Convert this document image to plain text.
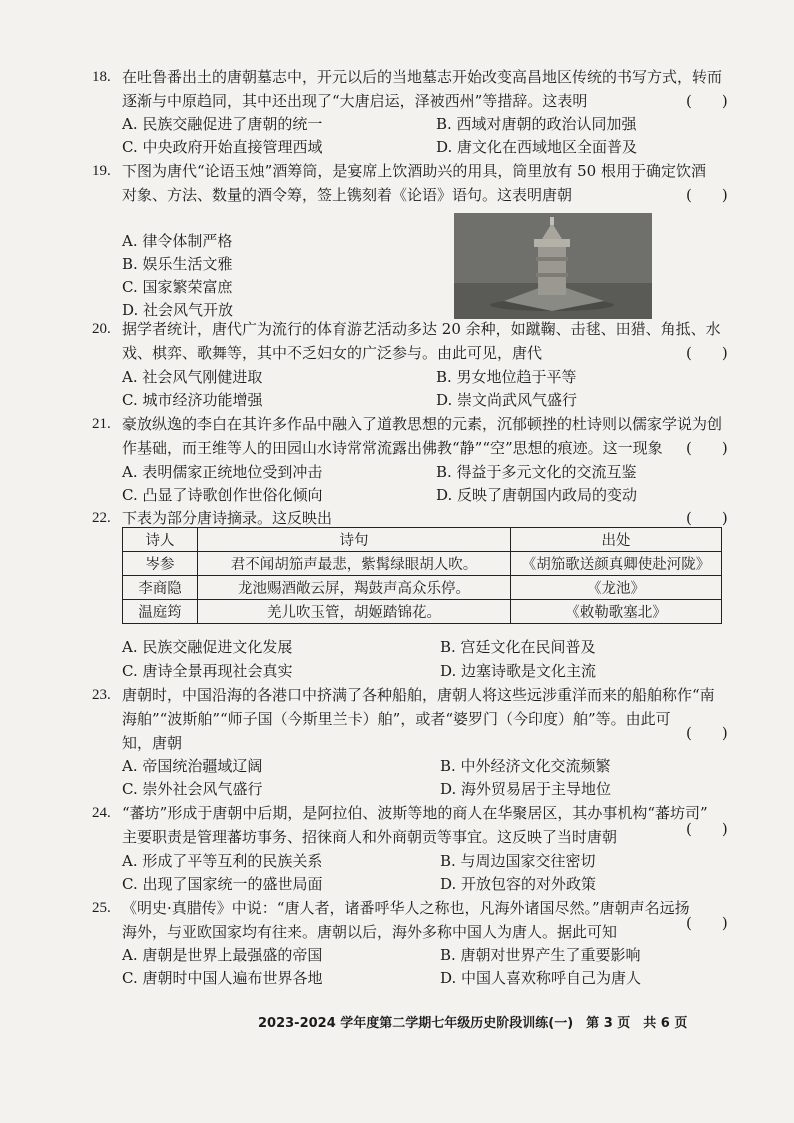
18. 在吐鲁番出土的唐朝墓志中，开元以后的当地墓志开始改变高昌地区传统的书写方式，转而
逐渐与中原趋同，其中还出现了“大唐启运，泽被西州”等措辞。这表明	(　　)
A. 民族交融促进了唐朝的统一	B. 西域对唐朝的政治认同加强
C. 中央政府开始直接管理西域	D. 唐文化在西域地区全面普及
19. 下图为唐代“论语玉烛”酒筹筒，是宴席上饮酒助兴的用具，筒里放有 50 根用于确定饮酒
对象、方法、数量的酒令筹，签上镌刻着《论语》语句。这表明唐朝	(　　)
A. 律令体制严格
B. 娱乐生活文雅
C. 国家繁荣富庶
D. 社会风气开放
20. 据学者统计，唐代广为流行的体育游艺活动多达 20 余种，如蹴鞠、击毬、田猎、角抵、水
戏、棋弈、歌舞等，其中不乏妇女的广泛参与。由此可见，唐代	(　　)
A. 社会风气刚健进取	B. 男女地位趋于平等
C. 城市经济功能增强	D. 崇文尚武风气盛行
21. 豪放纵逸的李白在其许多作品中融入了道教思想的元素，沉郁顿挫的杜诗则以儒家学说为创
作基础，而王维等人的田园山水诗常常流露出佛教“静”“空”思想的痕迹。这一现象 (　　)
A. 表明儒家正统地位受到冲击	B. 得益于多元文化的交流互鉴
C. 凸显了诗歌创作世俗化倾向	D. 反映了唐朝国内政局的变动
22. 下表为部分唐诗摘录。这反映出	(　　)
诗人	诗句	出处
岑参	君不闻胡笳声最悲，紫髯绿眼胡人吹。	《胡笳歌送颜真卿使赴河陇》
李商隐	龙池赐酒敞云屏，羯鼓声高众乐停。	《龙池》
温庭筠	羌儿吹玉管，胡姬踏锦花。	《敕勒歌塞北》
A. 民族交融促进文化发展	B. 宫廷文化在民间普及
C. 唐诗全景再现社会真实	D. 边塞诗歌是文化主流
23. 唐朝时，中国沿海的各港口中挤满了各种船舶，唐朝人将这些远涉重洋而来的船舶称作“南
海舶”“波斯舶”“师子国（今斯里兰卡）舶”，或者“婆罗门（今印度）舶”等。由此可
知，唐朝
(　　)
A. 帝国统治疆域辽阔	B. 中外经济文化交流频繁
C. 崇外社会风气盛行	D. 海外贸易居于主导地位
24. “蕃坊”形成于唐朝中后期，是阿拉伯、波斯等地的商人在华聚居区，其办事机构“蕃坊司”
主要职责是管理蕃坊事务、招徕商人和外商朝贡等事宜。这反映了当时唐朝	(　　)
A. 形成了平等互利的民族关系	B. 与周边国家交往密切
C. 出现了国家统一的盛世局面	D. 开放包容的对外政策
25. 《明史·真腊传》中说：“唐人者，诸番呼华人之称也，凡海外诸国尽然。”唐朝声名远扬
海外，与亚欧国家均有往来。唐朝以后，海外多称中国人为唐人。据此可知	(　　)
A. 唐朝是世界上最强盛的帝国	B. 唐朝对世界产生了重要影响
C. 唐朝时中国人遍布世界各地	D. 中国人喜欢称呼自己为唐人
2023-2024 学年度第二学期七年级历史阶段训练(一)　第 3 页　共 6 页
